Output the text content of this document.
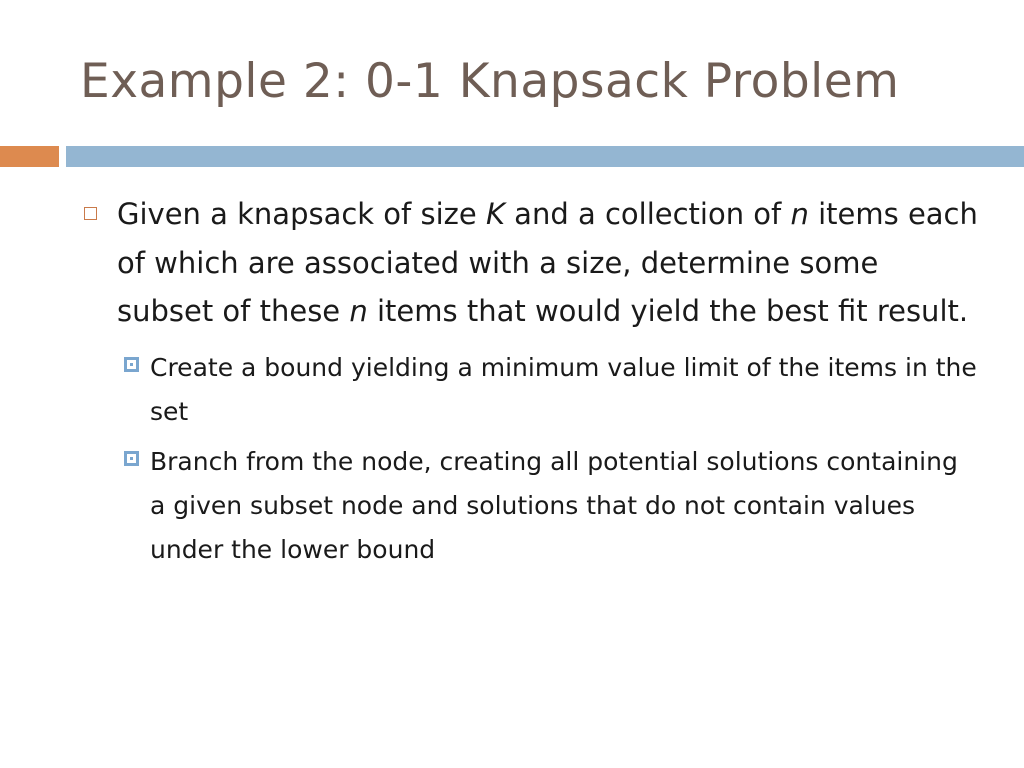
Example 2: 0-1 Knapsack Problem
Given a knapsack of size K and a collection of n items each of which are associated with a size, determine some subset of these n items that would yield the best fit result.
Create a bound yielding a minimum value limit of the items in the set
Branch from the node, creating all potential solutions containing a given subset node and solutions that do not contain values under the lower bound
